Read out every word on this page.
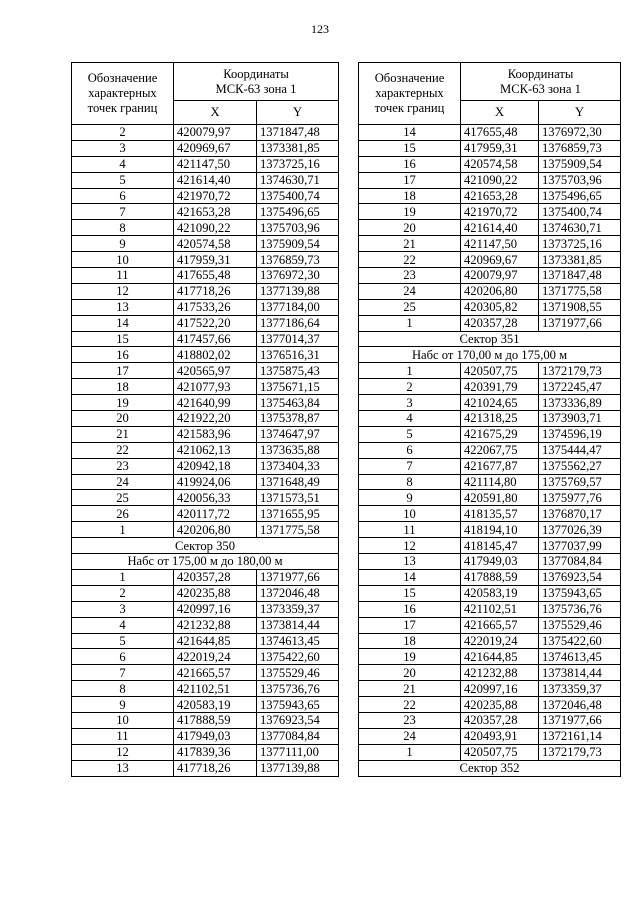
123
Обозначение характерных точек границ	Координаты
МСК-63 зона 1	
	X	Y
2	420079,97	1371847,48
3	420969,67	1373381,85
4	421147,50	1373725,16
5	421614,40	1374630,71
6	421970,72	1375400,74
7	421653,28	1375496,65
8	421090,22	1375703,96
9	420574,58	1375909,54
10	417959,31	1376859,73
11	417655,48	1376972,30
12	417718,26	1377139,88
13	417533,26	1377184,00
14	417522,20	1377186,64
15	417457,66	1377014,37
16	418802,02	1376516,31
17	420565,97	1375875,43
18	421077,93	1375671,15
19	421640,99	1375463,84
20	421922,20	1375378,87
21	421583,96	1374647,97
22	421062,13	1373635,88
23	420942,18	1373404,33
24	419924,06	1371648,49
25	420056,33	1371573,51
26	420117,72	1371655,95
1	420206,80	1371775,58
Сектор 350		
Набс от 175,00 м до 180,00 м		
1	420357,28	1371977,66
2	420235,88	1372046,48
3	420997,16	1373359,37
4	421232,88	1373814,44
5	421644,85	1374613,45
6	422019,24	1375422,60
7	421665,57	1375529,46
8	421102,51	1375736,76
9	420583,19	1375943,65
10	417888,59	1376923,54
11	417949,03	1377084,84
12	417839,36	1377111,00
13	417718,26	1377139,88
Обозначение характерных точек границ	Координаты
МСК-63 зона 1	
	X	Y
14	417655,48	1376972,30
15	417959,31	1376859,73
16	420574,58	1375909,54
17	421090,22	1375703,96
18	421653,28	1375496,65
19	421970,72	1375400,74
20	421614,40	1374630,71
21	421147,50	1373725,16
22	420969,67	1373381,85
23	420079,97	1371847,48
24	420206,80	1371775,58
25	420305,82	1371908,55
1	420357,28	1371977,66
Сектор 351		
Набс от 170,00 м до 175,00 м		
1	420507,75	1372179,73
2	420391,79	1372245,47
3	421024,65	1373336,89
4	421318,25	1373903,71
5	421675,29	1374596,19
6	422067,75	1375444,47
7	421677,87	1375562,27
8	421114,80	1375769,57
9	420591,80	1375977,76
10	418135,57	1376870,17
11	418194,10	1377026,39
12	418145,47	1377037,99
13	417949,03	1377084,84
14	417888,59	1376923,54
15	420583,19	1375943,65
16	421102,51	1375736,76
17	421665,57	1375529,46
18	422019,24	1375422,60
19	421644,85	1374613,45
20	421232,88	1373814,44
21	420997,16	1373359,37
22	420235,88	1372046,48
23	420357,28	1371977,66
24	420493,91	1372161,14
1	420507,75	1372179,73
Сектор 352		
